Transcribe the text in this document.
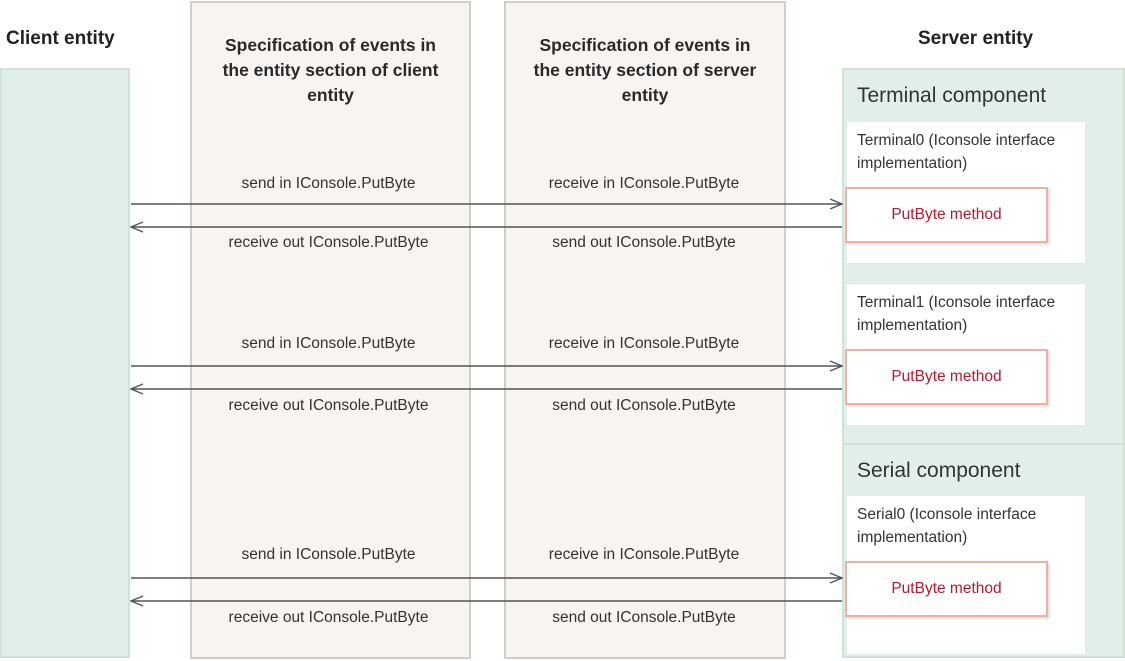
Client entity	Server entity
Specification of events in the entity section of client entity
Specification of events in the entity section of server entity	Terminal component
Terminal0 (Iconsole interface implementation)
PutByte method
Terminal1 (Iconsole interface implementation)
PutByte method
Serial component
Serial0 (Iconsole interface implementation)
PutByte method
send in IConsole.PutByte	receive in IConsole.PutByte
receive out IConsole.PutByte	send out IConsole.PutByte
send in IConsole.PutByte	receive in IConsole.PutByte
receive out IConsole.PutByte	send out IConsole.PutByte
send in IConsole.PutByte	receive in IConsole.PutByte
receive out IConsole.PutByte	send out IConsole.PutByte
